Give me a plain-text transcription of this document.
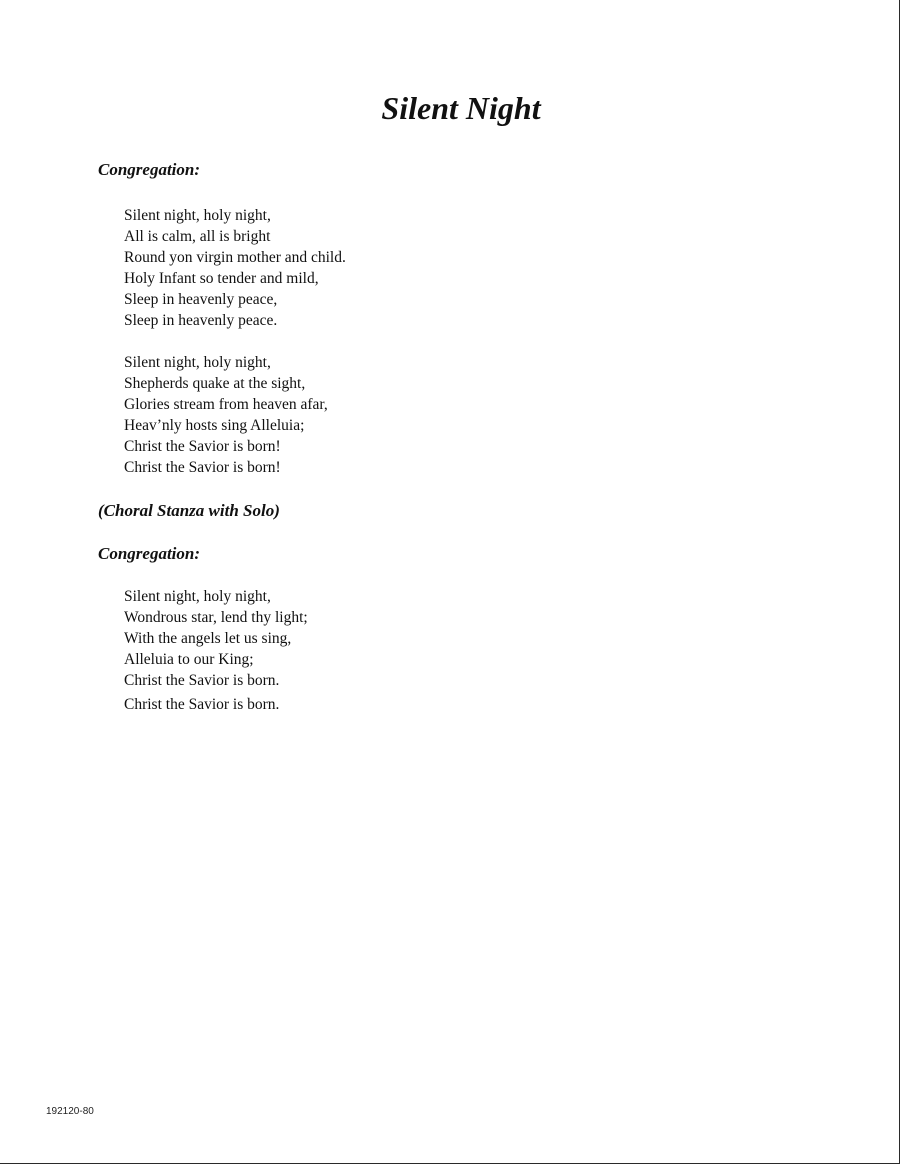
Silent Night
Congregation:
Silent night, holy night,
All is calm, all is bright
Round yon virgin mother and child.
Holy Infant so tender and mild,
Sleep in heavenly peace,
Sleep in heavenly peace.
Silent night, holy night,
Shepherds quake at the sight,
Glories stream from heaven afar,
Heav’nly hosts sing Alleluia;
Christ the Savior is born!
Christ the Savior is born!
(Choral Stanza with Solo)
Congregation:
Silent night, holy night,
Wondrous star, lend thy light;
With the angels let us sing,
Alleluia to our King;
Christ the Savior is born.
Christ the Savior is born.
192120-80
